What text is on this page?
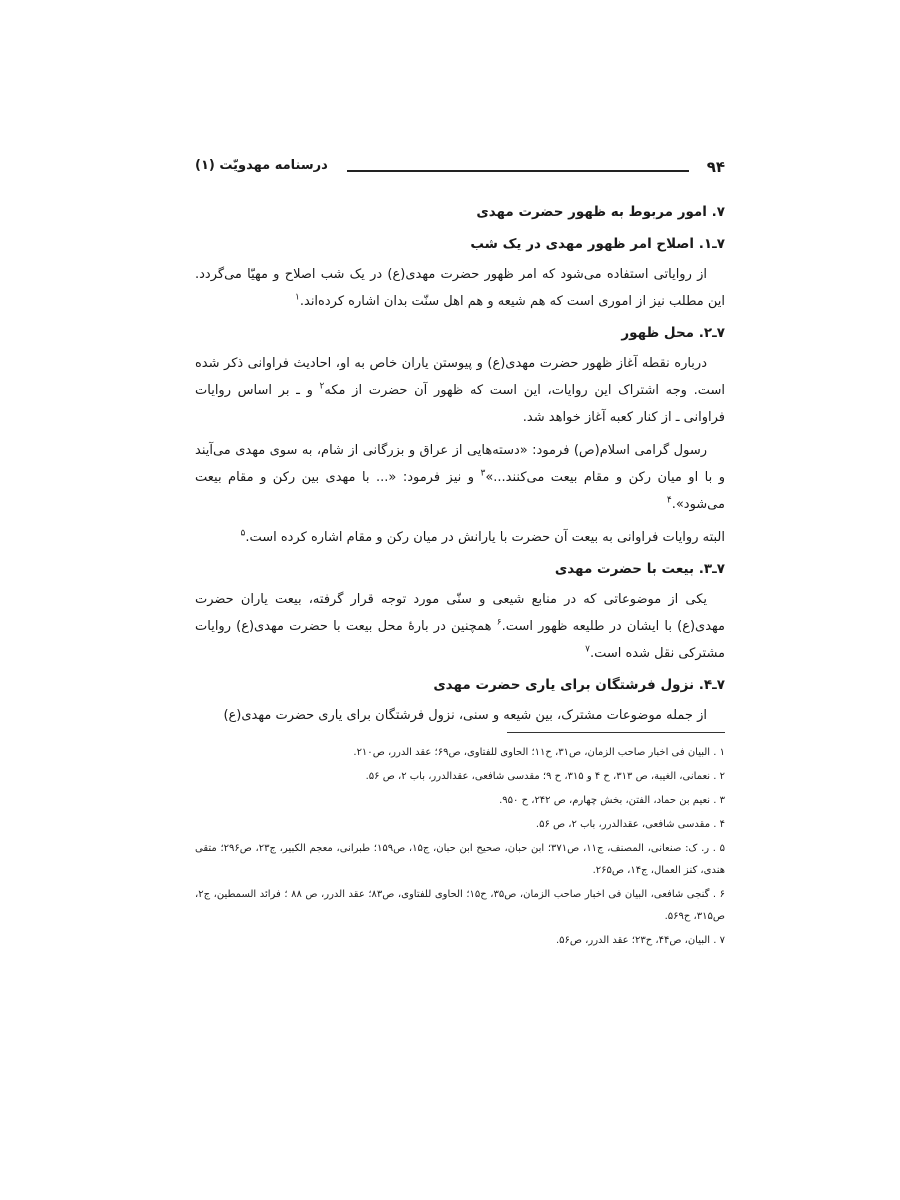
۹۴
درسنامه مهدویّت (۱)
۷. امور مربوط به ظهور حضرت مهدی
۷ـ۱. اصلاح امر ظهور مهدی در یک شب

از روایاتی استفاده می‌شود که امر ظهور حضرت مهدی(ع) در یک شب اصلاح و مهیّا می‌گردد. این مطلب نیز از اموری است که هم شیعه و هم اهل سنّت بدان اشاره کرده‌اند.$^۱$

۷ـ۲. محل ظهور

درباره نقطه آغاز ظهور حضرت مهدی(ع) و پیوستن یاران خاص به او، احادیث فراوانی ذکر شده است. وجه اشتراک این روایات، این است که ظهور آن حضرت از مکه$^۲$ و ـ بر اساس روایات فراوانی ـ از کنار کعبه آغاز خواهد شد.

رسول گرامی اسلام(ص) فرمود: «دسته‌هایی از عراق و بزرگانی از شام، به سوی مهدی می‌آیند و با او میان رکن و مقام بیعت می‌کنند...»$^۳$ و نیز فرمود: «... با مهدی بین رکن و مقام بیعت می‌شود».$^۴$

البته روایات فراوانی به بیعت آن حضرت با یارانش در میان رکن و مقام اشاره کرده است.$^۵$

۷ـ۳. بیعت با حضرت مهدی

یکی از موضوعاتی که در منابع شیعی و سنّی مورد توجه قرار گرفته، بیعت یاران حضرت مهدی(ع) با ایشان در طلیعه ظهور است.$^۶$ همچنین در بارهٔ محل بیعت با حضرت مهدی(ع) روایات مشترکی نقل شده است.$^۷$

۷ـ۴. نزول فرشتگان برای یاری حضرت مهدی

از جمله موضوعات مشترک، بین شیعه و سنی، نزول فرشتگان برای یاری حضرت مهدی(ع)

۱ . البیان فی اخبار صاحب الزمان، ص۳۱، ح۱۱؛ الحاوی للفتاوی، ص۶۹؛ عقد الدرر، ص۲۱۰.
۲ . نعمانی، الغیبة، ص ۳۱۳، ح ۴ و ۳۱۵، ح ۹؛ مقدسی شافعی، عقدالدرر، باب ۲، ص ۵۶.
۳ . نعیم بن حماد، الفتن، بخش چهارم، ص ۲۴۲، ح ۹۵۰.
۴ . مقدسی شافعی، عقدالدرر، باب ۲، ص ۵۶.
۵ . ر. ک: صنعانی، المصنف، ج۱۱، ص۳۷۱؛ ابن حبان، صحیح ابن حبان، ج۱۵، ص۱۵۹؛ طبرانی، معجم الکبیر، ج۲۳، ص۲۹۶؛ متقی هندی، کنز العمال، ج۱۴، ص۲۶۵.
۶ . گنجی شافعی، البیان فی اخبار صاحب الزمان، ص۳۵، ح۱۵؛ الحاوی للفتاوی، ص۸۳؛ عقد الدرر، ص ۸۸ ؛ فرائد السمطین، ج۲، ص۳۱۵، ح۵۶۹.
۷ . البیان، ص۴۴، ح۲۳؛ عقد الدرر، ص۵۶.
